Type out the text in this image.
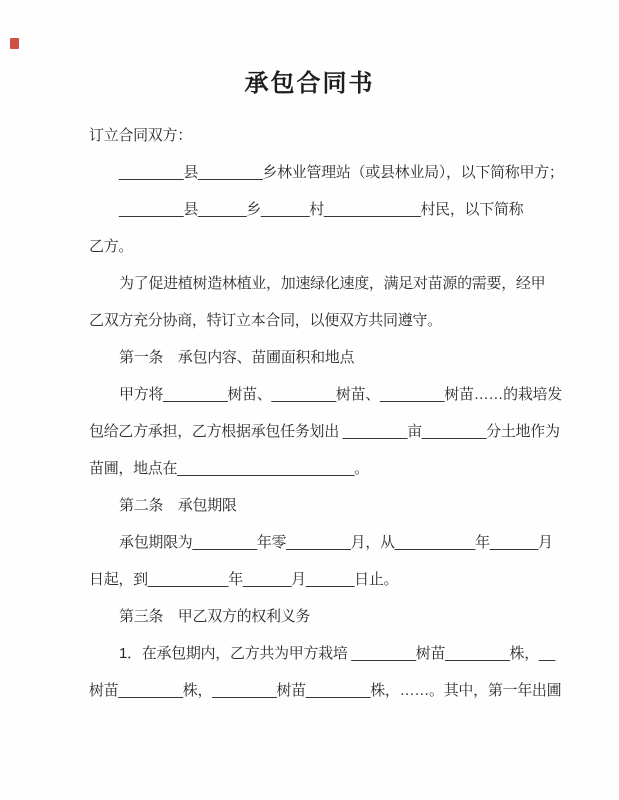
承包合同书
订立合同双方：
________县________乡林业管理站（或县林业局），以下简称甲方；
________县______乡______村____________村民，以下简称
乙方。
为了促进植树造林植业，加速绿化速度，满足对苗源的需要，经甲
乙双方充分协商，特订立本合同，以便双方共同遵守。
第一条　承包内容、苗圃面积和地点
甲方将________树苗、________树苗、________树苗……的栽培发
包给乙方承担，乙方根据承包任务划出 ________亩________分土地作为
苗圃，地点在______________________。
第二条　承包期限
承包期限为________年零________月，从__________年______月
日起，到__________年______月______日止。
第三条　甲乙双方的权利义务
1．在承包期内，乙方共为甲方栽培 ________树苗________株，__
树苗________株，________树苗________株，……。其中，第一年出圃
